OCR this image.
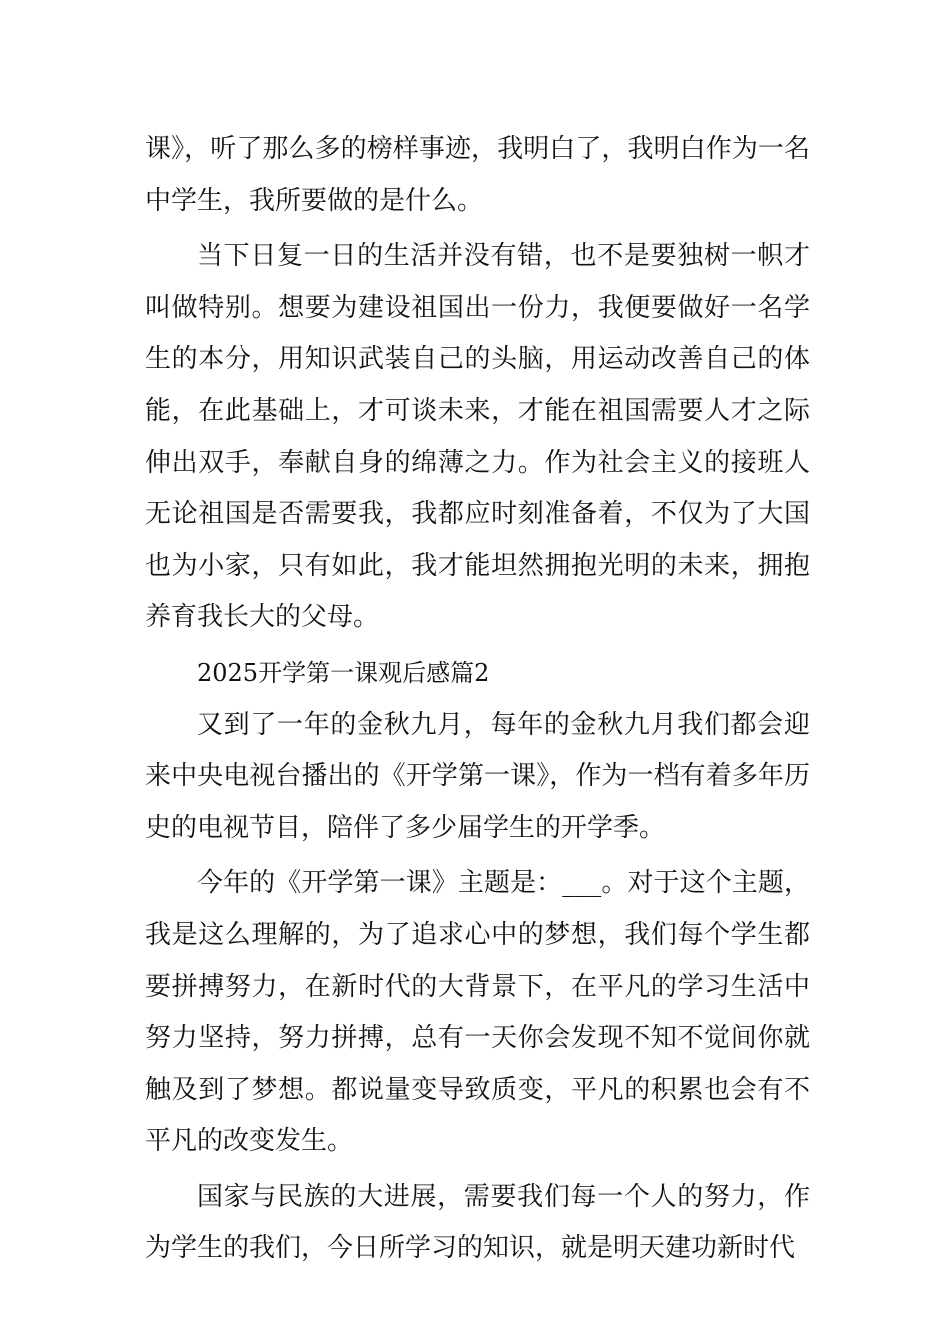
课》，听了那么多的榜样事迹，我明白了，我明白作为一名中学生，我所要做的是什么。

当下日复一日的生活并没有错，也不是要独树一帜才叫做特别。想要为建设祖国出一份力，我便要做好一名学生的本分，用知识武装自己的头脑，用运动改善自己的体能，在此基础上，才可谈未来，才能在祖国需要人才之际伸出双手，奉献自身的绵薄之力。作为社会主义的接班人无论祖国是否需要我，我都应时刻准备着，不仅为了大国也为小家，只有如此，我才能坦然拥抱光明的未来，拥抱养育我长大的父母。

2025开学第一课观后感篇2

又到了一年的金秋九月，每年的金秋九月我们都会迎来中央电视台播出的《开学第一课》，作为一档有着多年历史的电视节目，陪伴了多少届学生的开学季。

今年的《开学第一课》主题是：___。对于这个主题，我是这么理解的，为了追求心中的梦想，我们每个学生都要拼搏努力，在新时代的大背景下，在平凡的学习生活中努力坚持，努力拼搏，总有一天你会发现不知不觉间你就触及到了梦想。都说量变导致质变，平凡的积累也会有不平凡的改变发生。

国家与民族的大进展，需要我们每一个人的努力，作为学生的我们，今日所学习的知识，就是明天建功新时代
